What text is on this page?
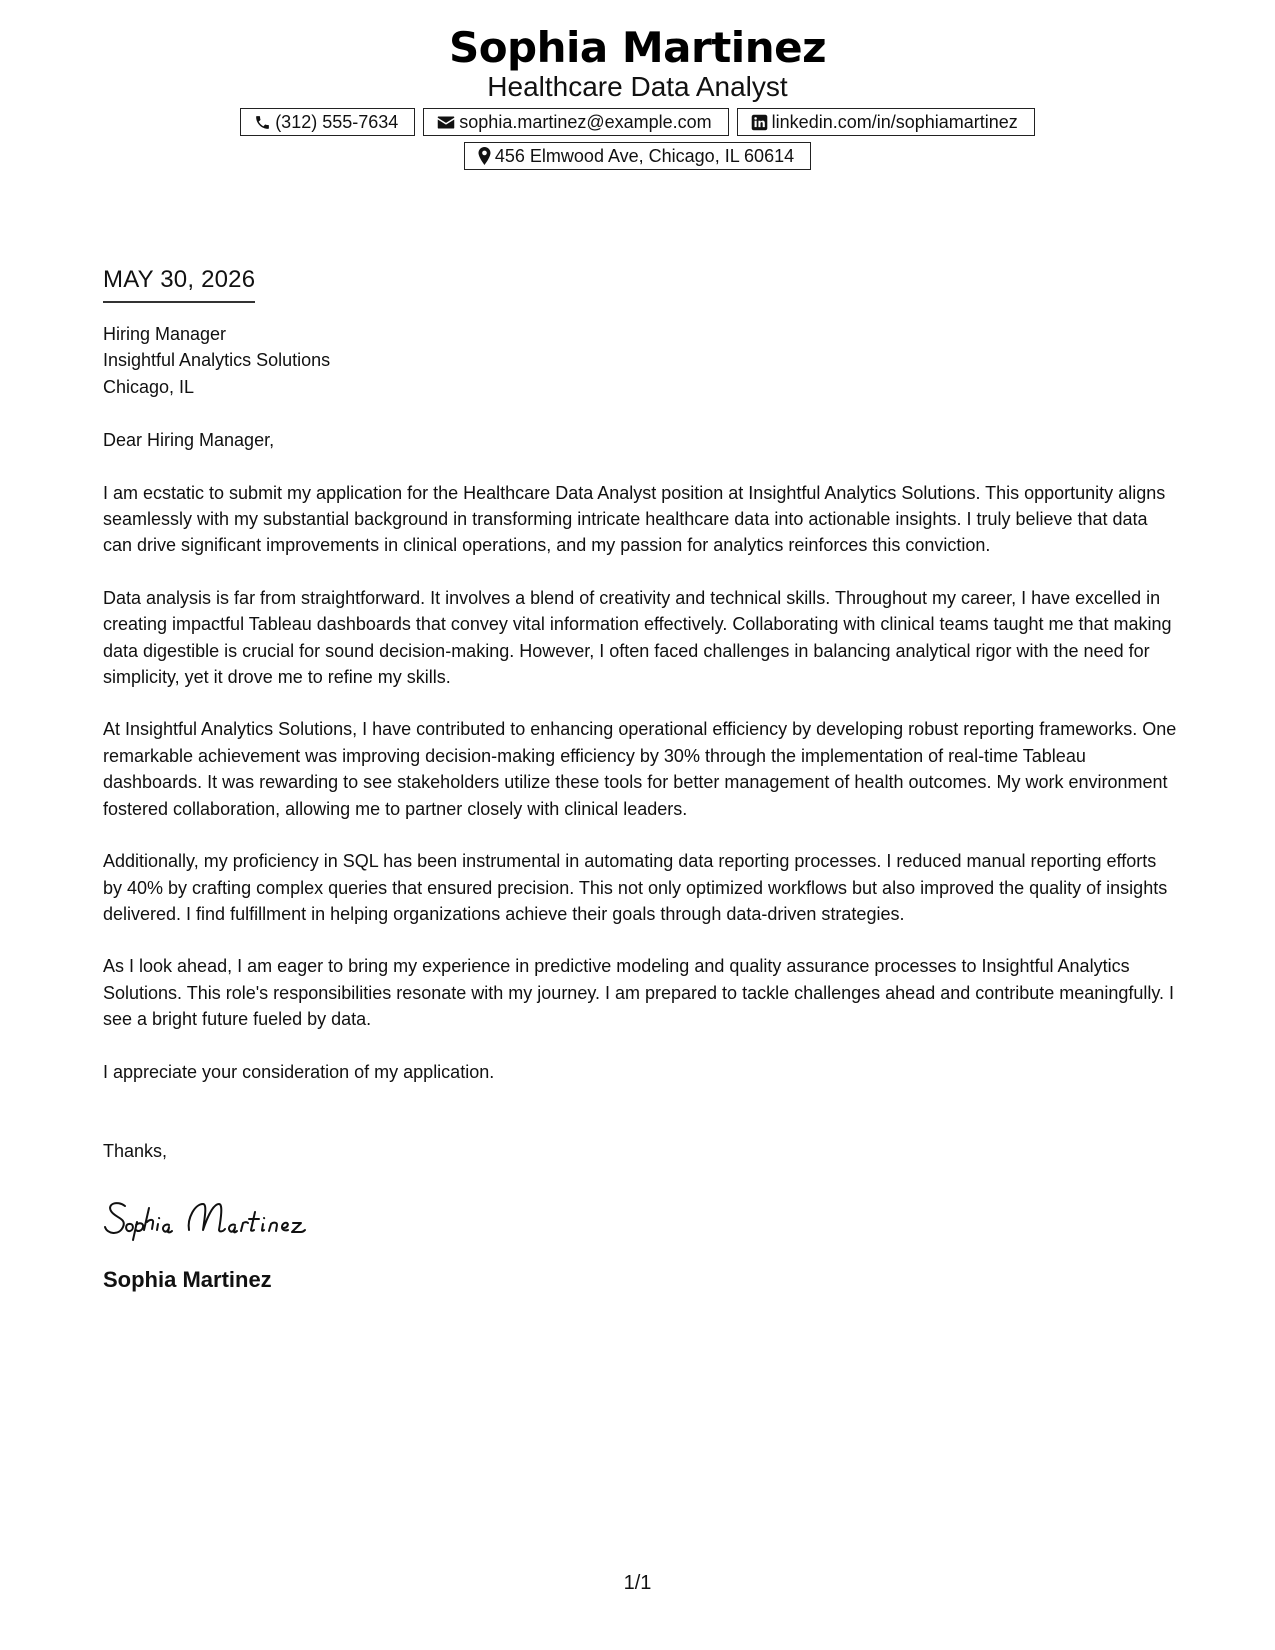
Sophia Martinez
Healthcare Data Analyst
(312) 555-7634	sophia.martinez@example.com	linkedin.com/in/sophiamartinez
456 Elmwood Ave, Chicago, IL 60614
MAY 30, 2026
Hiring Manager
Insightful Analytics Solutions
Chicago, IL
Dear Hiring Manager,
I am ecstatic to submit my application for the Healthcare Data Analyst position at Insightful Analytics Solutions. This opportunity aligns seamlessly with my substantial background in transforming intricate healthcare data into actionable insights. I truly believe that data can drive significant improvements in clinical operations, and my passion for analytics reinforces this conviction.
Data analysis is far from straightforward. It involves a blend of creativity and technical skills. Throughout my career, I have excelled in creating impactful Tableau dashboards that convey vital information effectively. Collaborating with clinical teams taught me that making data digestible is crucial for sound decision-making. However, I often faced challenges in balancing analytical rigor with the need for simplicity, yet it drove me to refine my skills.
At Insightful Analytics Solutions, I have contributed to enhancing operational efficiency by developing robust reporting frameworks. One remarkable achievement was improving decision-making efficiency by 30% through the implementation of real-time Tableau dashboards. It was rewarding to see stakeholders utilize these tools for better management of health outcomes. My work environment fostered collaboration, allowing me to partner closely with clinical leaders.
Additionally, my proficiency in SQL has been instrumental in automating data reporting processes. I reduced manual reporting efforts by 40% by crafting complex queries that ensured precision. This not only optimized workflows but also improved the quality of insights delivered. I find fulfillment in helping organizations achieve their goals through data-driven strategies.
As I look ahead, I am eager to bring my experience in predictive modeling and quality assurance processes to Insightful Analytics Solutions. This role's responsibilities resonate with my journey. I am prepared to tackle challenges ahead and contribute meaningfully. I see a bright future fueled by data.
I appreciate your consideration of my application.
Thanks,
Sophia Martinez
1/1
